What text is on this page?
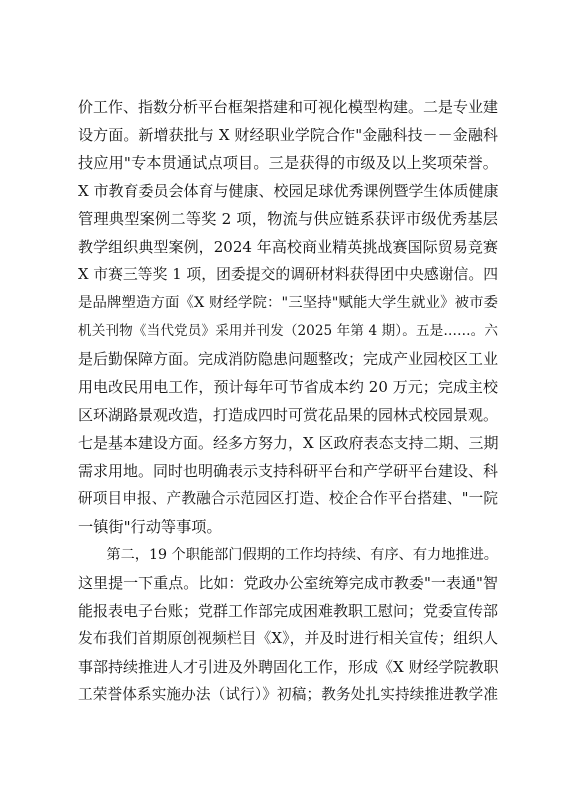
价工作、指数分析平台框架搭建和可视化模型构建。二是专业建
设方面。新增获批与 X 财经职业学院合作"金融科技－－金融科
技应用"专本贯通试点项目。三是获得的市级及以上奖项荣誉。
X 市教育委员会体育与健康、校园足球优秀课例暨学生体质健康
管理典型案例二等奖 2 项，物流与供应链系获评市级优秀基层
教学组织典型案例，2024 年高校商业精英挑战赛国际贸易竞赛
X 市赛三等奖 1 项，团委提交的调研材料获得团中央感谢信。四
是品牌塑造方面《X 财经学院："三坚持"赋能大学生就业》被市委
机关刊物《当代党员》采用并刊发（2025 年第 4 期）。五是……。六
是后勤保障方面。完成消防隐患问题整改；完成产业园校区工业
用电改民用电工作，预计每年可节省成本约 20 万元；完成主校
区环湖路景观改造，打造成四时可赏花品果的园林式校园景观。
七是基本建设方面。经多方努力，X 区政府表态支持二期、三期
需求用地。同时也明确表示支持科研平台和产学研平台建设、科
研项目申报、产教融合示范园区打造、校企合作平台搭建、"一院
一镇街"行动等事项。
　　第二，19 个职能部门假期的工作均持续、有序、有力地推进。
这里提一下重点。比如：党政办公室统筹完成市教委"一表通"智
能报表电子台账；党群工作部完成困难教职工慰问；党委宣传部
发布我们首期原创视频栏目《X》，并及时进行相关宣传；组织人
事部持续推进人才引进及外聘固化工作，形成《X 财经学院教职
工荣誉体系实施办法（试行）》初稿；教务处扎实持续推进教学准
